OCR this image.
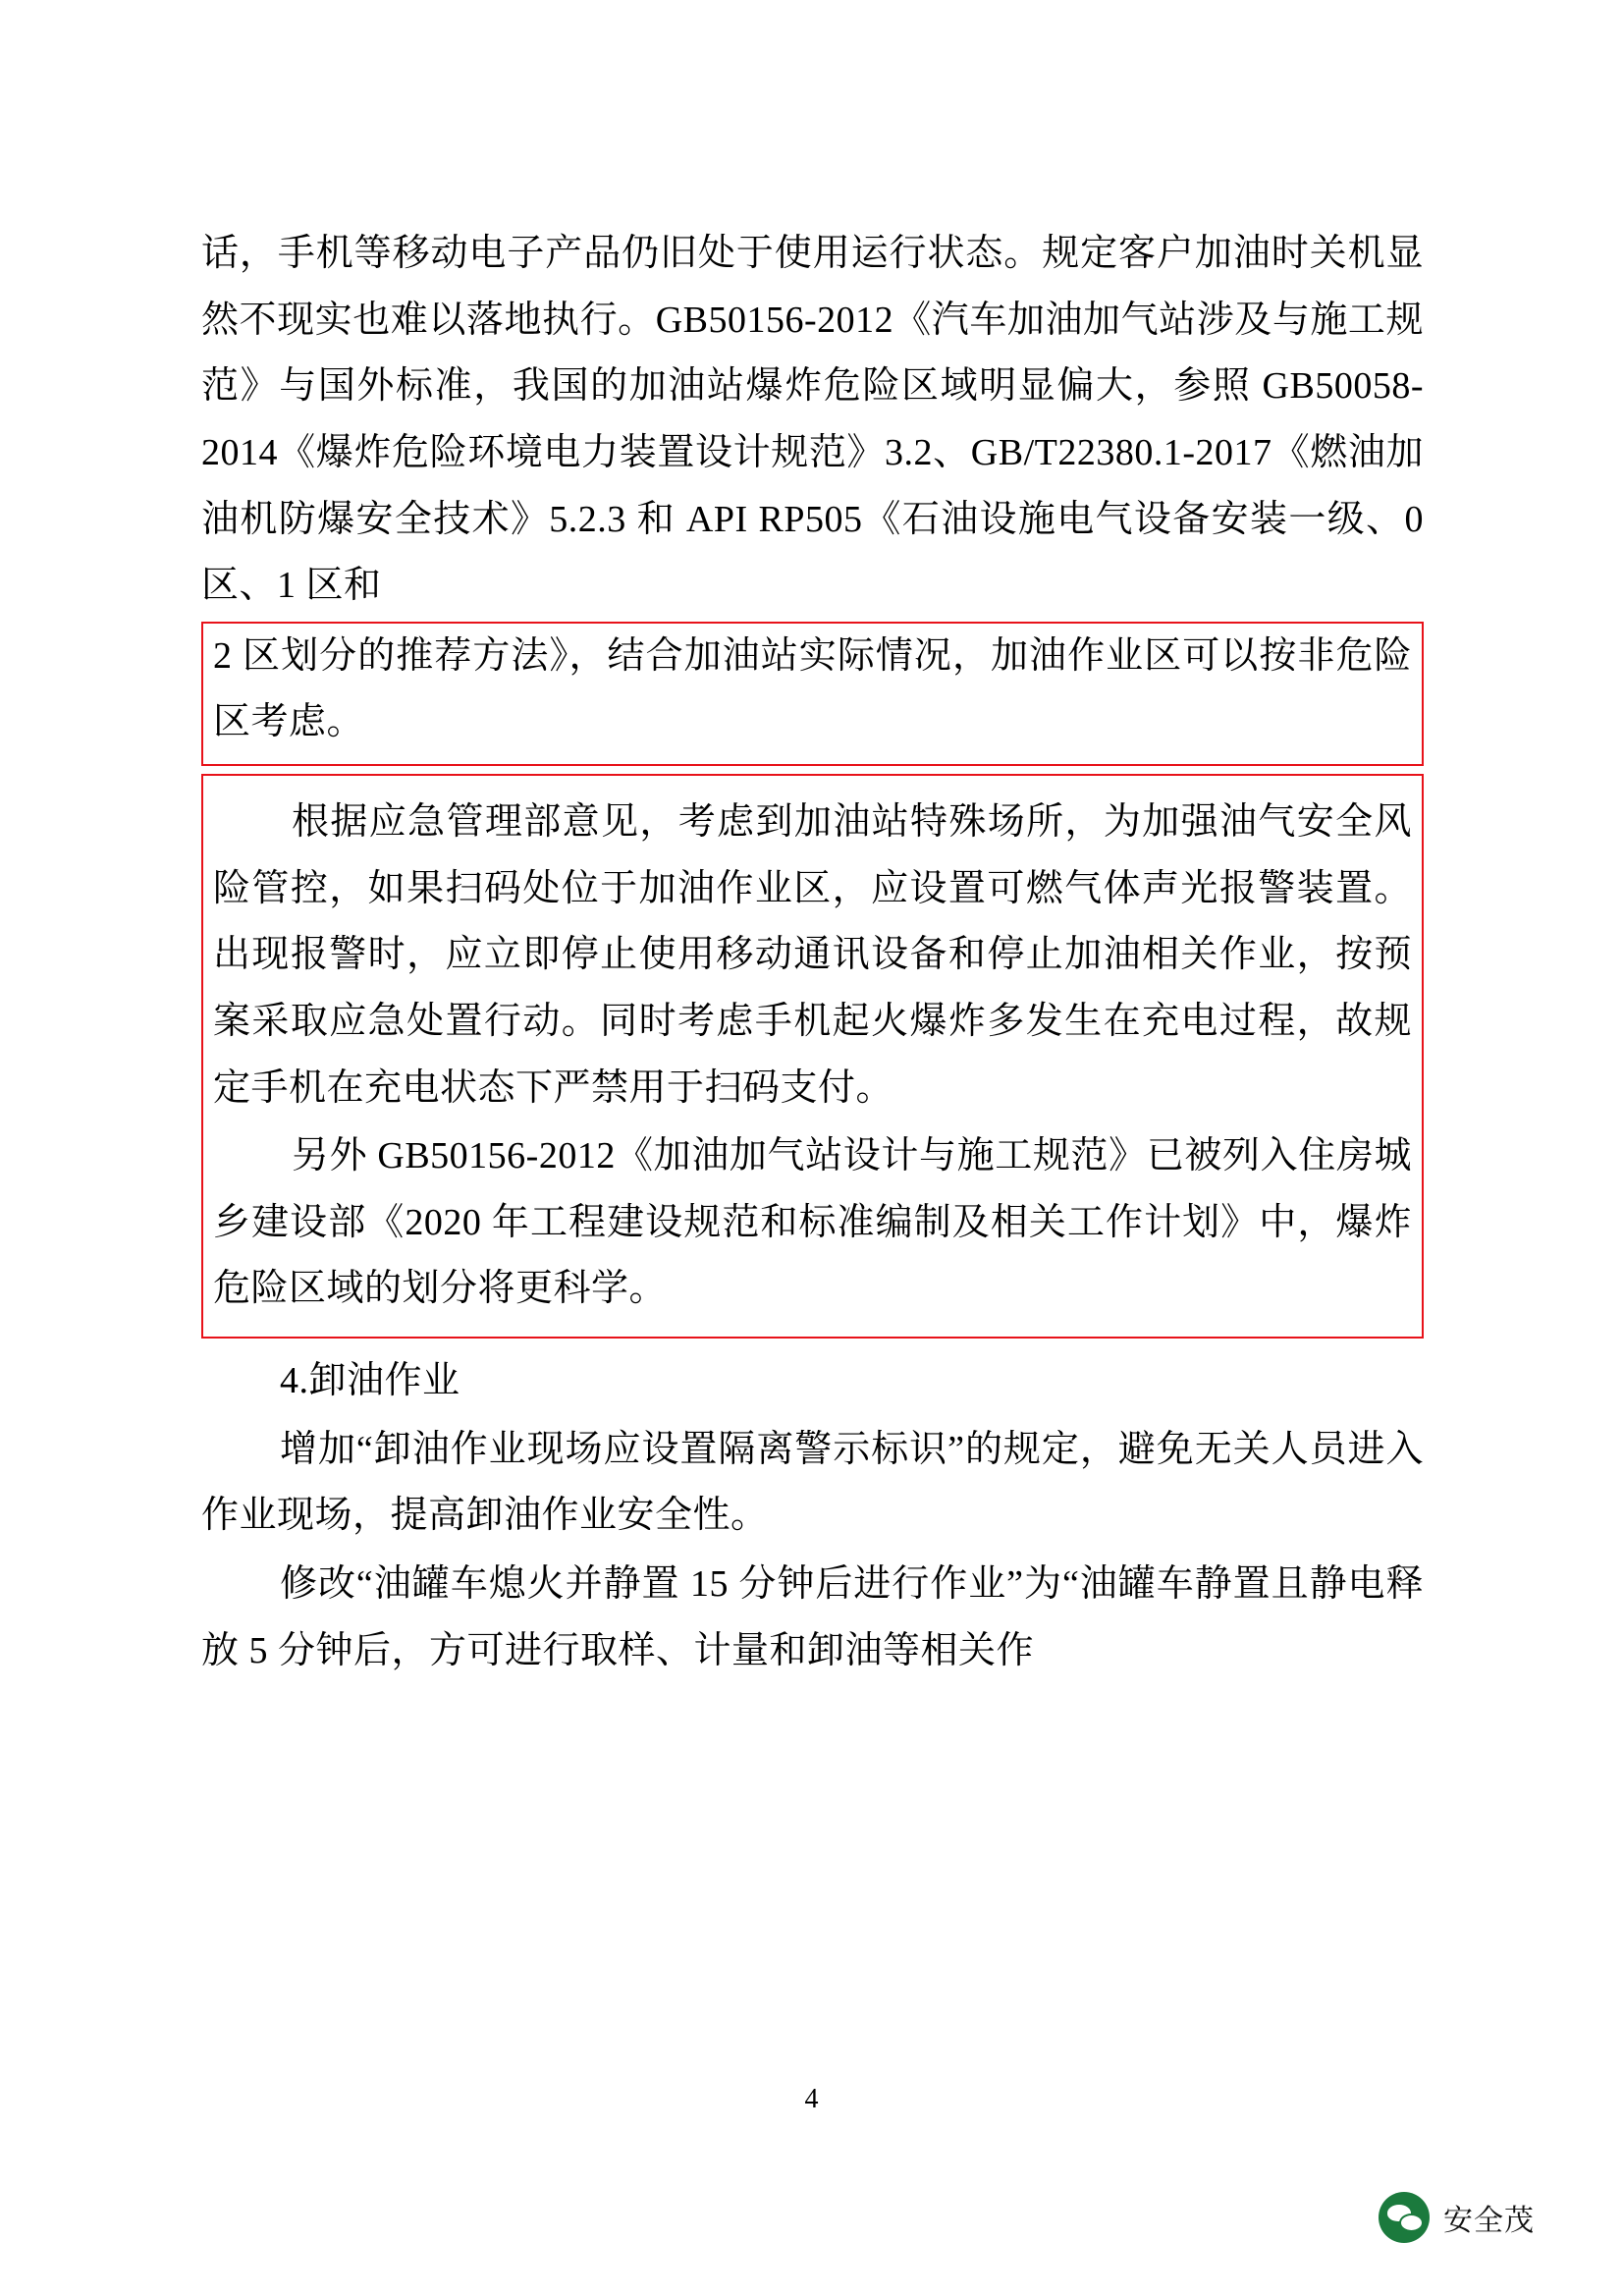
话，手机等移动电子产品仍旧处于使用运行状态。规定客户加油时关机显然不现实也难以落地执行。GB50156-2012《汽车加油加气站涉及与施工规范》与国外标准，我国的加油站爆炸危险区域明显偏大，参照 GB50058-2014《爆炸危险环境电力装置设计规范》3.2、GB/T22380.1-2017《燃油加油机防爆安全技术》5.2.3 和 API RP505《石油设施电气设备安装一级、0 区、1 区和

2 区划分的推荐方法》，结合加油站实际情况，加油作业区可以按非危险区考虑。

根据应急管理部意见，考虑到加油站特殊场所，为加强油气安全风险管控，如果扫码处位于加油作业区，应设置可燃气体声光报警装置。出现报警时，应立即停止使用移动通讯设备和停止加油相关作业，按预案采取应急处置行动。同时考虑手机起火爆炸多发生在充电过程，故规定手机在充电状态下严禁用于扫码支付。

另外 GB50156-2012《加油加气站设计与施工规范》已被列入住房城乡建设部《2020 年工程建设规范和标准编制及相关工作计划》中，爆炸危险区域的划分将更科学。

4.卸油作业

增加“卸油作业现场应设置隔离警示标识”的规定，避免无关人员进入作业现场，提高卸油作业安全性。

修改“油罐车熄火并静置 15 分钟后进行作业”为“油罐车静置且静电释放 5 分钟后，方可进行取样、计量和卸油等相关作

4
安全茂
